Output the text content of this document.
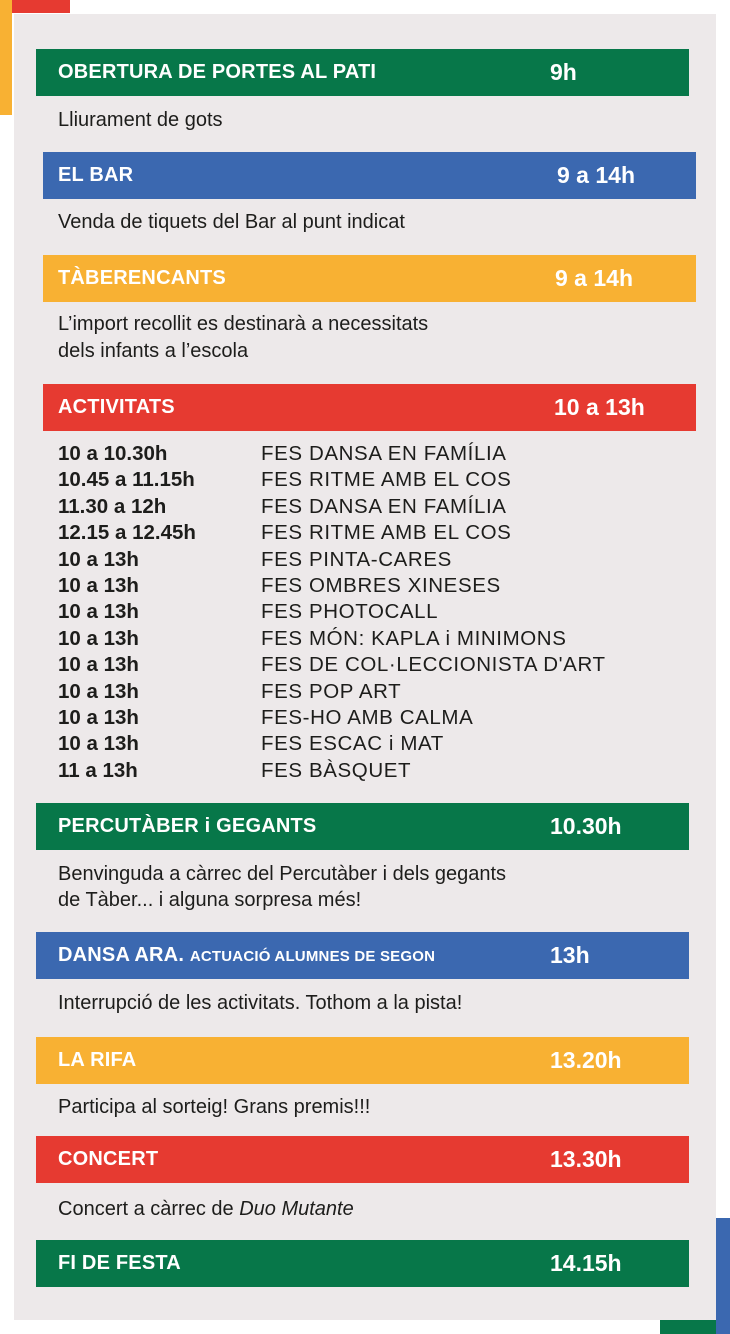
OBERTURA DE PORTES AL PATI	9h
Lliurament de gots
EL BAR	9 a 14h
Venda de tiquets del Bar al punt indicat
TÀBERENCANTS	9 a 14h
L’import recollit es destinarà a necessitats
dels infants a l’escola
ACTIVITATS	10 a 13h
10 a 10.30h	FES DANSA EN FAMÍLIA
10.45 a 11.15h	FES RITME AMB EL COS
11.30 a 12h	FES DANSA EN FAMÍLIA
12.15 a 12.45h	FES RITME AMB EL COS
10 a 13h	FES PINTA-CARES
10 a 13h	FES OMBRES XINESES
10 a 13h	FES PHOTOCALL
10 a 13h	FES MÓN: KAPLA i MINIMONS
10 a 13h	FES DE COL·LECCIONISTA D'ART
10 a 13h	FES POP ART
10 a 13h	FES-HO AMB CALMA
10 a 13h	FES ESCAC i MAT
11 a 13h	FES BÀSQUET
PERCUTÀBER i GEGANTS	10.30h
Benvinguda a càrrec del Percutàber i dels gegants
de Tàber... i alguna sorpresa més!
DANSA ARA. ACTUACIÓ ALUMNES DE SEGON	13h
Interrupció de les activitats. Tothom a la pista!
LA RIFA	13.20h
Participa al sorteig! Grans premis!!!
CONCERT	13.30h
Concert a càrrec de Duo Mutante
FI DE FESTA	14.15h
